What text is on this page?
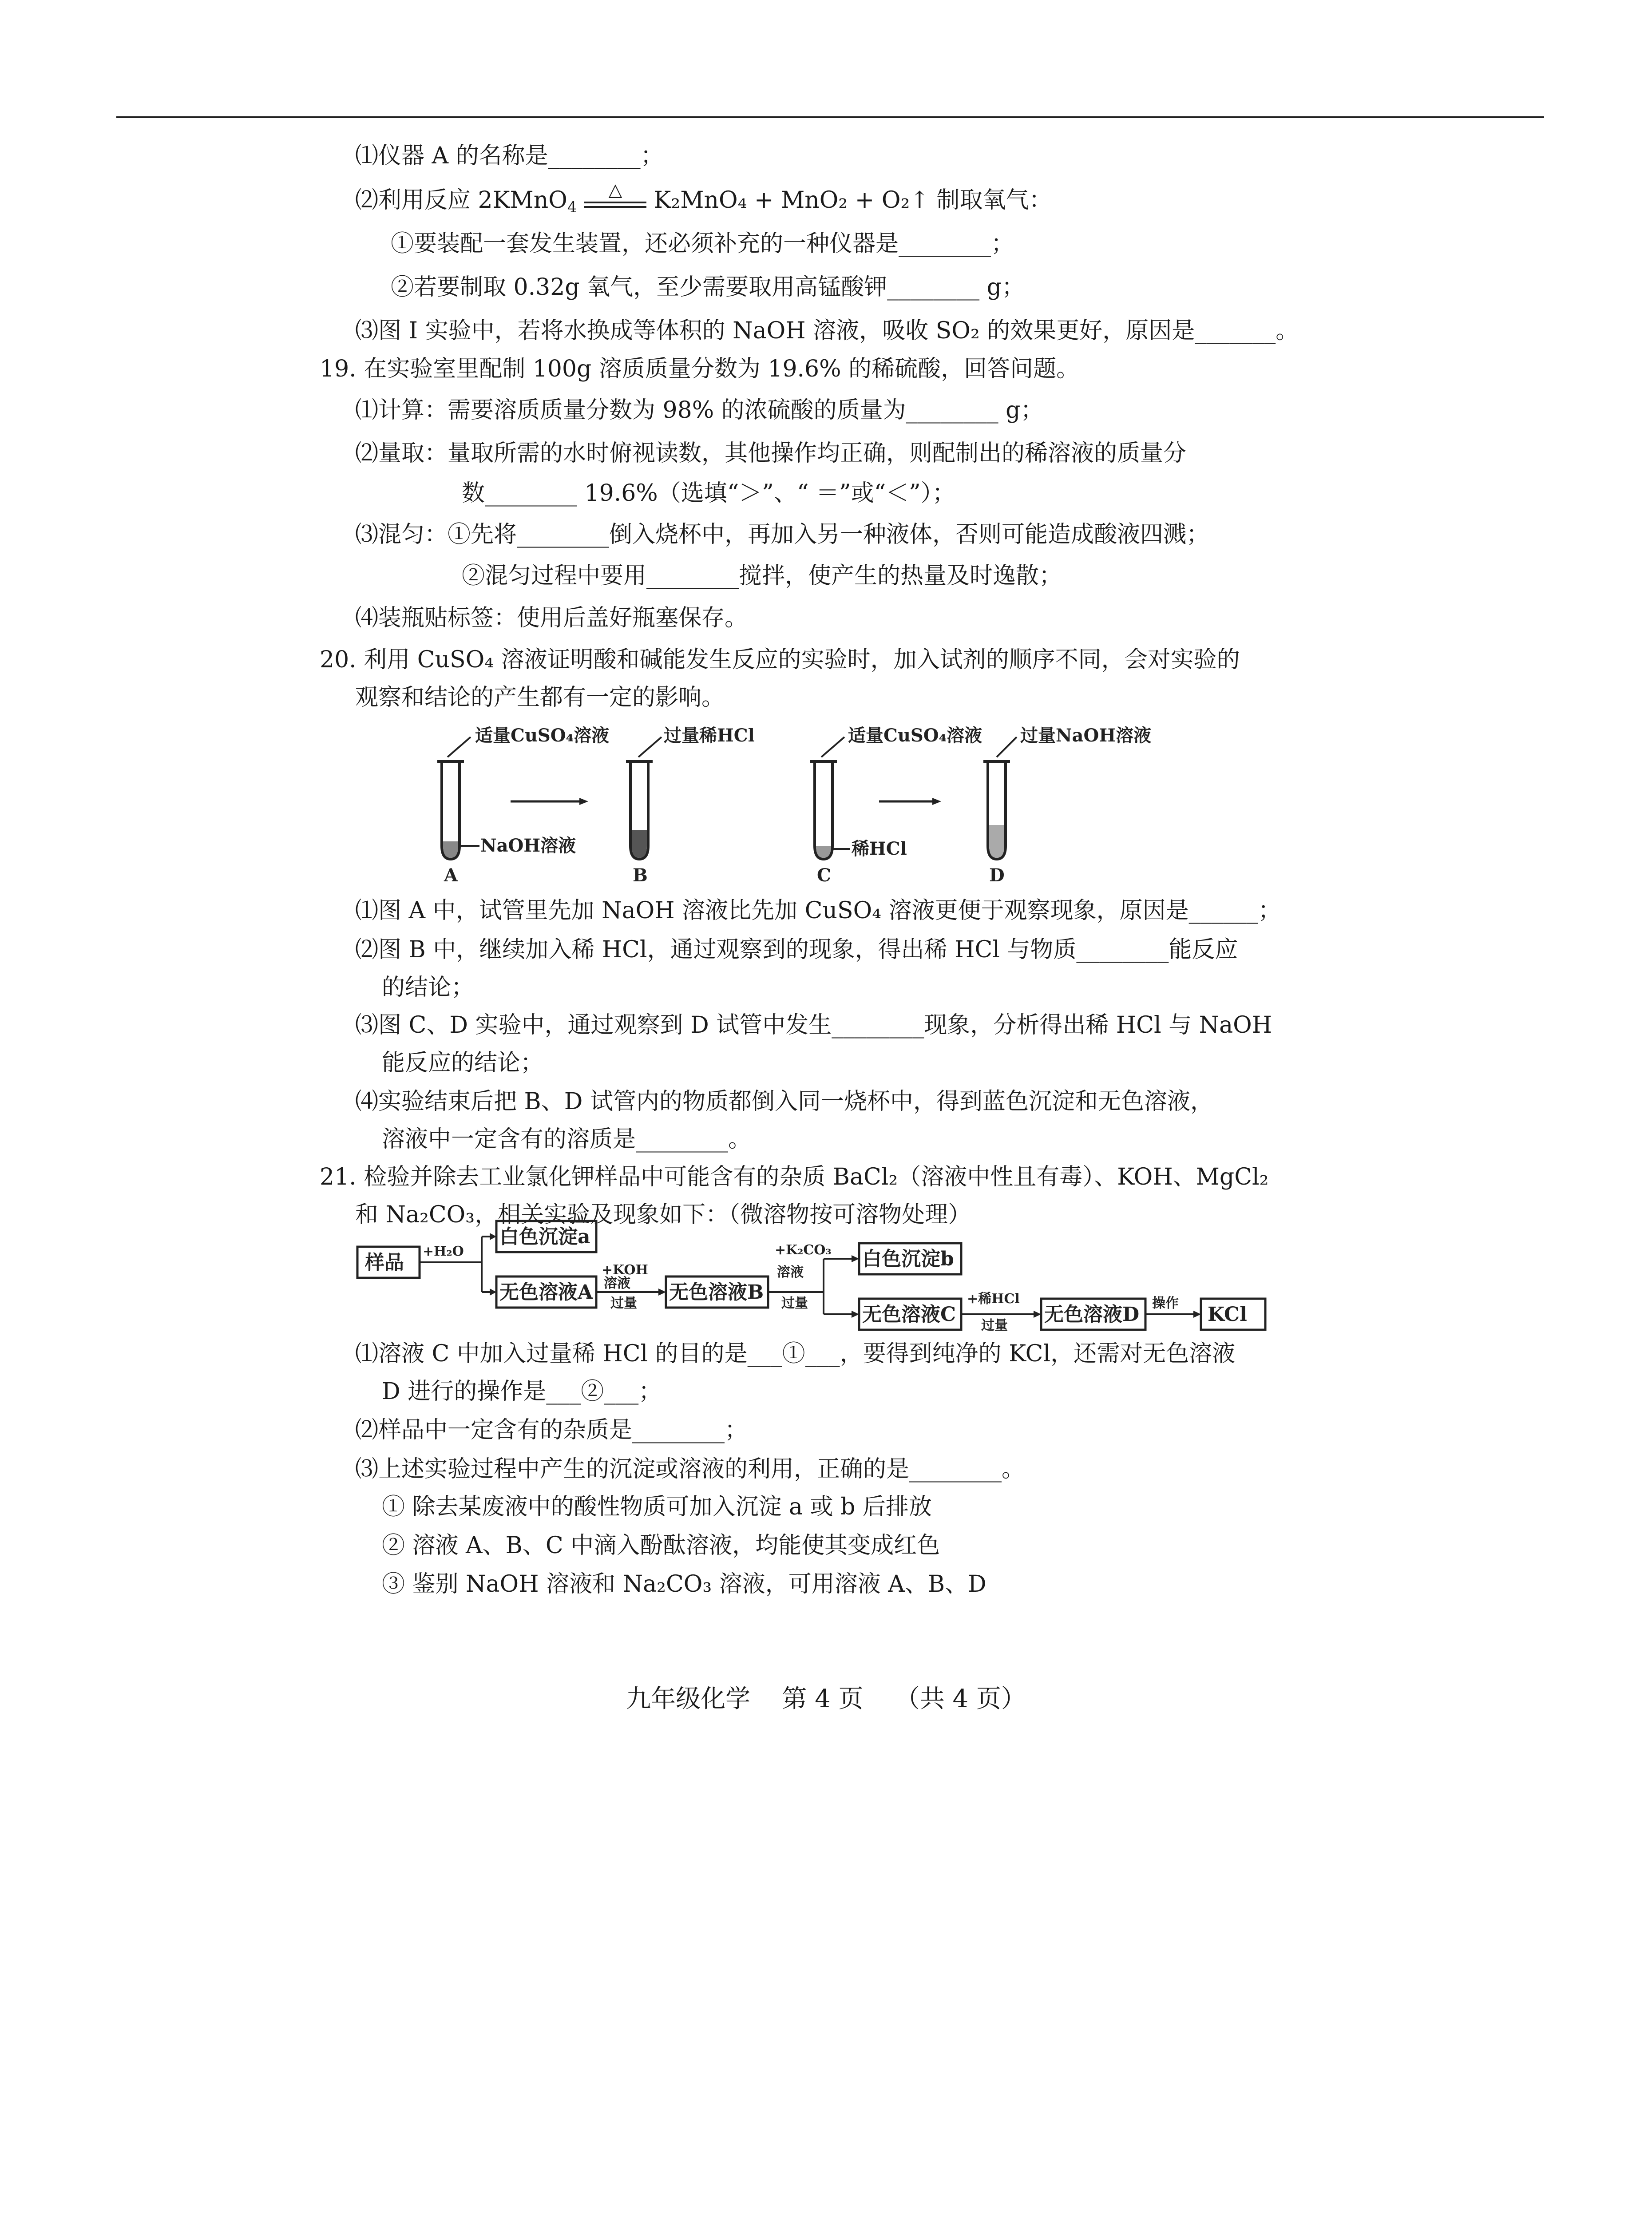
⑴仪器 A 的名称是________；
⑵利用反应 2KMnO$_4$
△	K₂MnO₄ + MnO₂ + O₂↑ 制取氧气：
①要装配一套发生装置，还必须补充的一种仪器是________；
②若要制取 0.32g 氧气，至少需要取用高锰酸钾________ g；
⑶图 I 实验中，若将水换成等体积的 NaOH 溶液，吸收 SO₂ 的效果更好，原因是_______。
19. 在实验室里配制 100g 溶质质量分数为 19.6% 的稀硫酸，回答问题。
⑴计算：需要溶质质量分数为 98% 的浓硫酸的质量为________ g；
⑵量取：量取所需的水时俯视读数，其他操作均正确，则配制出的稀溶液的质量分
数________ 19.6%（选填“＞”、“ ＝”或“＜”）；
⑶混匀：①先将________倒入烧杯中，再加入另一种液体，否则可能造成酸液四溅；
②混匀过程中要用________搅拌，使产生的热量及时逸散；
⑷装瓶贴标签：使用后盖好瓶塞保存。
20. 利用 CuSO₄ 溶液证明酸和碱能发生反应的实验时，加入试剂的顺序不同，会对实验的
观察和结论的产生都有一定的影响。
适量CuSO₄溶液
NaOH溶液
A
过量稀HCl
B
适量CuSO₄溶液
稀HCl
C
过量NaOH溶液
D
⑴图 A 中，试管里先加 NaOH 溶液比先加 CuSO₄ 溶液更便于观察现象，原因是______；
⑵图 B 中，继续加入稀 HCl，通过观察到的现象，得出稀 HCl 与物质________能反应
的结论；
⑶图 C、D 实验中，通过观察到 D 试管中发生________现象，分析得出稀 HCl 与 NaOH
能反应的结论；
⑷实验结束后把 B、D 试管内的物质都倒入同一烧杯中，得到蓝色沉淀和无色溶液，
溶液中一定含有的溶质是________。
21. 检验并除去工业氯化钾样品中可能含有的杂质 BaCl₂（溶液中性且有毒）、KOH、MgCl₂
和 Na₂CO₃，相关实验及现象如下：（微溶物按可溶物处理）
样品 +H₂O
白色沉淀a
无色溶液A
+KOH
溶液
过量 无色溶液B
+K₂CO₃
溶液
过量
白色沉淀b
无色溶液C
+稀HCl
过量 无色溶液D 操作 KCl
⑴溶液 C 中加入过量稀 HCl 的目的是___①___，要得到纯净的 KCl，还需对无色溶液
D 进行的操作是___②___；
⑵样品中一定含有的杂质是________；
⑶上述实验过程中产生的沉淀或溶液的利用，正确的是________。
① 除去某废液中的酸性物质可加入沉淀 a 或 b 后排放
② 溶液 A、B、C 中滴入酚酞溶液，均能使其变成红色
③ 鉴别 NaOH 溶液和 Na₂CO₃ 溶液，可用溶液 A、B、D
九年级化学    第 4 页    （共 4 页）
